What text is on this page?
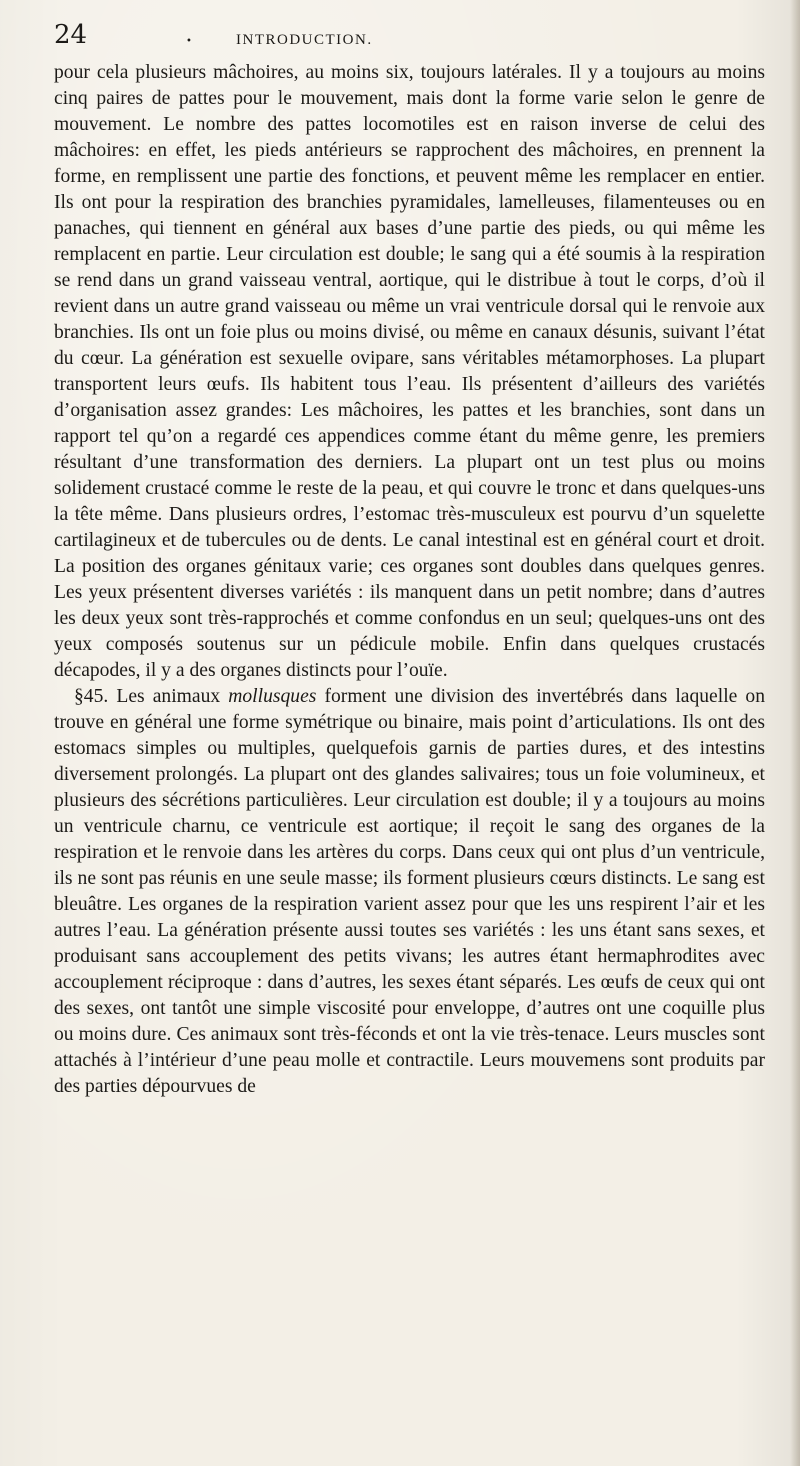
24	•	INTRODUCTION.

pour cela plusieurs mâchoires, au moins six, toujours latérales. Il y a toujours au moins cinq paires de pattes pour le mouvement, mais dont la forme varie selon le genre de mouvement. Le nombre des pattes locomotiles est en raison inverse de celui des mâchoires: en effet, les pieds antérieurs se rapprochent des mâchoires, en prennent la forme, en remplissent une partie des fonctions, et peuvent même les remplacer en entier. Ils ont pour la respiration des branchies pyramidales, lamelleuses, filamenteuses ou en panaches, qui tiennent en général aux bases d’une partie des pieds, ou qui même les remplacent en partie. Leur circulation est double; le sang qui a été soumis à la respiration se rend dans un grand vaisseau ventral, aortique, qui le distribue à tout le corps, d’où il revient dans un autre grand vaisseau ou même un vrai ventricule dorsal qui le renvoie aux branchies. Ils ont un foie plus ou moins divisé, ou même en canaux désunis, suivant l’état du cœur. La génération est sexuelle ovipare, sans véritables métamorphoses. La plupart transportent leurs œufs. Ils habitent tous l’eau. Ils présentent d’ailleurs des variétés d’organisation assez grandes: Les mâchoires, les pattes et les branchies, sont dans un rapport tel qu’on a regardé ces appendices comme étant du même genre, les premiers résultant d’une transformation des derniers. La plupart ont un test plus ou moins solidement crustacé comme le reste de la peau, et qui couvre le tronc et dans quelques-uns la tête même. Dans plusieurs ordres, l’estomac très-musculeux est pourvu d’un squelette cartilagineux et de tubercules ou de dents. Le canal intestinal est en général court et droit. La position des organes génitaux varie; ces organes sont doubles dans quelques genres. Les yeux présentent diverses variétés : ils manquent dans un petit nombre; dans d’autres les deux yeux sont très-rapprochés et comme confondus en un seul; quelques-uns ont des yeux composés soutenus sur un pédicule mobile. Enfin dans quelques crustacés décapodes, il y a des organes distincts pour l’ouïe.

§45. Les animaux mollusques forment une division des invertébrés dans laquelle on trouve en général une forme symétrique ou binaire, mais point d’articulations. Ils ont des estomacs simples ou multiples, quelquefois garnis de parties dures, et des intestins diversement prolongés. La plupart ont des glandes salivaires; tous un foie volumineux, et plusieurs des sécrétions particulières. Leur circulation est double; il y a toujours au moins un ventricule charnu, ce ventricule est aortique; il reçoit le sang des organes de la respiration et le renvoie dans les artères du corps. Dans ceux qui ont plus d’un ventricule, ils ne sont pas réunis en une seule masse; ils forment plusieurs cœurs distincts. Le sang est bleuâtre. Les organes de la respiration varient assez pour que les uns respirent l’air et les autres l’eau. La génération présente aussi toutes ses variétés : les uns étant sans sexes, et produisant sans accouplement des petits vivans; les autres étant hermaphrodites avec accouplement réciproque : dans d’autres, les sexes étant séparés. Les œufs de ceux qui ont des sexes, ont tantôt une simple viscosité pour enveloppe, d’autres ont une coquille plus ou moins dure. Ces animaux sont très-féconds et ont la vie très-tenace. Leurs muscles sont attachés à l’intérieur d’une peau molle et contractile. Leurs mouvemens sont produits par des parties dépourvues de
